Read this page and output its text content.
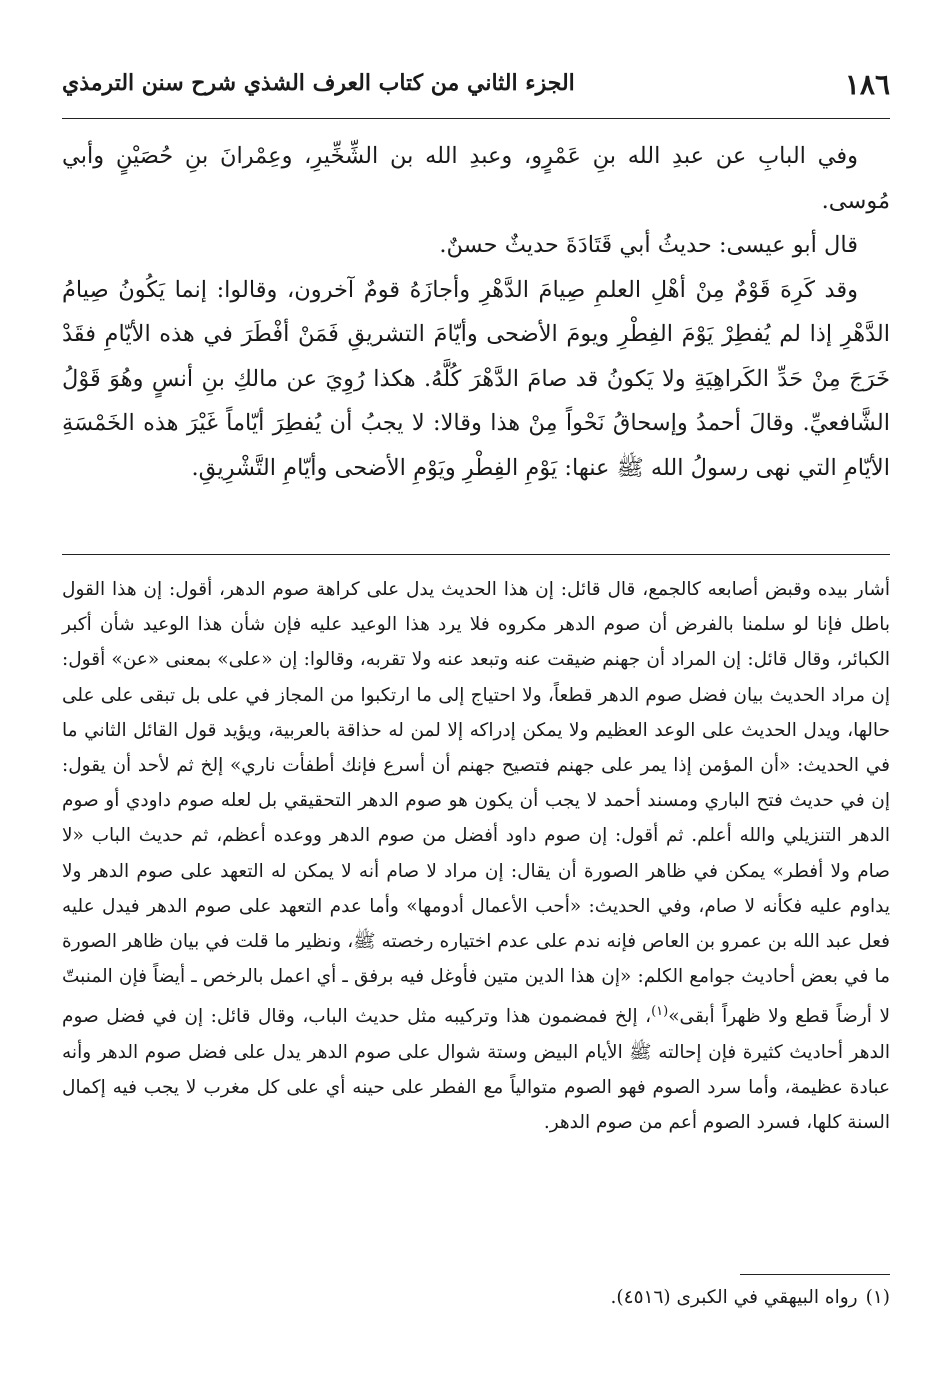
١٨٦
الجزء الثاني من كتاب العرف الشذي شرح سنن الترمذي

وفي البابِ عن عبدِ الله بنِ عَمْرٍو، وعبدِ الله بن الشِّخِّيرِ، وعِمْرانَ بنِ حُصَيْنٍ وأبي مُوسى.

قال أبو عيسى: حديثُ أبي قَتَادَةَ حديثٌ حسنٌ.

وقد كَرِهَ قَوْمٌ مِنْ أهْلِ العلمِ صِيامَ الدَّهْرِ وأجازَهُ قومٌ آخرون، وقالوا: إنما يَكُونُ صِيامُ الدَّهْرِ إذا لم يُفطِرْ يَوْمَ الفِطْرِ ويومَ الأضحى وأيّامَ التشريقِ فَمَنْ أفْطَرَ في هذه الأيّامِ فقَدْ خَرَجَ مِنْ حَدِّ الكَراهِيَةِ ولا يَكونُ قد صامَ الدَّهْرَ كُلَّهُ. هكذا رُوِيَ عن مالكِ بنِ أنسٍ وهُوَ قَوْلُ الشَّافعيِّ. وقالَ أحمدُ وإسحاقُ نَحْواً مِنْ هذا وقالا: لا يجبُ أن يُفطِرَ أيّاماً غَيْرَ هذه الخَمْسَةِ الأيّامِ التي نهى رسولُ الله ﷺ عنها: يَوْمِ الفِطْرِ ويَوْمِ الأضحى وأيّامِ التَّشْرِيقِ.

أشار بيده وقبض أصابعه كالجمع، قال قائل: إن هذا الحديث يدل على كراهة صوم الدهر، أقول: إن هذا القول باطل فإنا لو سلمنا بالفرض أن صوم الدهر مكروه فلا يرد هذا الوعيد عليه فإن شأن هذا الوعيد شأن أكبر الكبائر، وقال قائل: إن المراد أن جهنم ضيقت عنه وتبعد عنه ولا تقربه، وقالوا: إن «على» بمعنى «عن» أقول: إن مراد الحديث بيان فضل صوم الدهر قطعاً، ولا احتياج إلى ما ارتكبوا من المجاز في على بل تبقى على على حالها، ويدل الحديث على الوعد العظيم ولا يمكن إدراكه إلا لمن له حذاقة بالعربية، ويؤيد قول القائل الثاني ما في الحديث: «أن المؤمن إذا يمر على جهنم فتصيح جهنم أن أسرع فإنك أطفأت ناري» إلخ ثم لأحد أن يقول: إن في حديث فتح الباري ومسند أحمد لا يجب أن يكون هو صوم الدهر التحقيقي بل لعله صوم داودي أو صوم الدهر التنزيلي والله أعلم. ثم أقول: إن صوم داود أفضل من صوم الدهر ووعده أعظم، ثم حديث الباب «لا صام ولا أفطر» يمكن في ظاهر الصورة أن يقال: إن مراد لا صام أنه لا يمكن له التعهد على صوم الدهر ولا يداوم عليه فكأنه لا صام، وفي الحديث: «أحب الأعمال أدومها» وأما عدم التعهد على صوم الدهر فيدل عليه فعل عبد الله بن عمرو بن العاص فإنه ندم على عدم اختياره رخصته ﷺ، ونظير ما قلت في بيان ظاهر الصورة ما في بعض أحاديث جوامع الكلم: «إن هذا الدين متين فأوغل فيه برفق ـ أي اعمل بالرخص ـ أيضاً فإن المنبتّ لا أرضاً قطع ولا ظهراً أبقى»$^{(١)}$، إلخ فمضمون هذا وتركيبه مثل حديث الباب، وقال قائل: إن في فضل صوم الدهر أحاديث كثيرة فإن إحالته ﷺ الأيام البيض وستة شوال على صوم الدهر يدل على فضل صوم الدهر وأنه عبادة عظيمة، وأما سرد الصوم فهو الصوم متوالياً مع الفطر على حينه أي على كل مغرب لا يجب فيه إكمال السنة كلها، فسرد الصوم أعم من صوم الدهر.

(١)رواه البيهقي في الكبرى (٤٥١٦).
